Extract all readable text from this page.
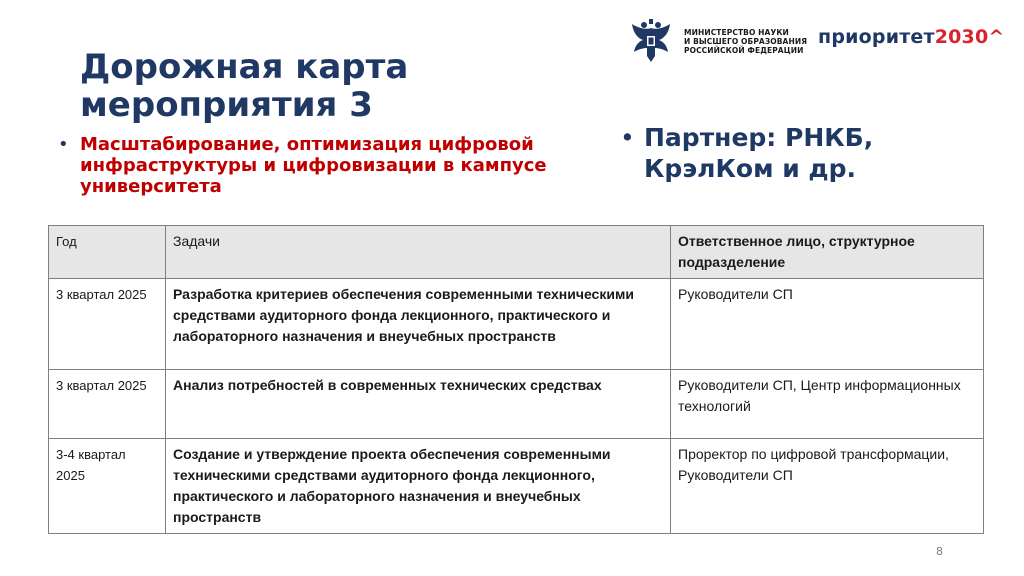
МИНИСТЕРСТВО НАУКИ
И ВЫСШЕГО ОБРАЗОВАНИЯ
РОССИЙСКОЙ ФЕДЕРАЦИИ
приоритет2030^
Дорожная карта
мероприятия 3
• Масштабирование, оптимизация цифровой инфраструктуры и цифровизации в кампусе университета
• Партнер: РНКБ,
КрэлКом и др.
Год	Задачи	Ответственное лицо, структурное подразделение
3 квартал 2025	Разработка критериев обеспечения современными техническими средствами аудиторного фонда лекционного, практического и лабораторного назначения и внеучебных пространств	Руководители СП
3 квартал 2025	Анализ потребностей в современных технических средствах	Руководители СП, Центр информационных технологий
3-4 квартал 2025	Создание и утверждение проекта обеспечения современными техническими средствами аудиторного фонда лекционного, практического и лабораторного назначения и внеучебных пространств	Проректор по цифровой трансформации, Руководители СП
8
